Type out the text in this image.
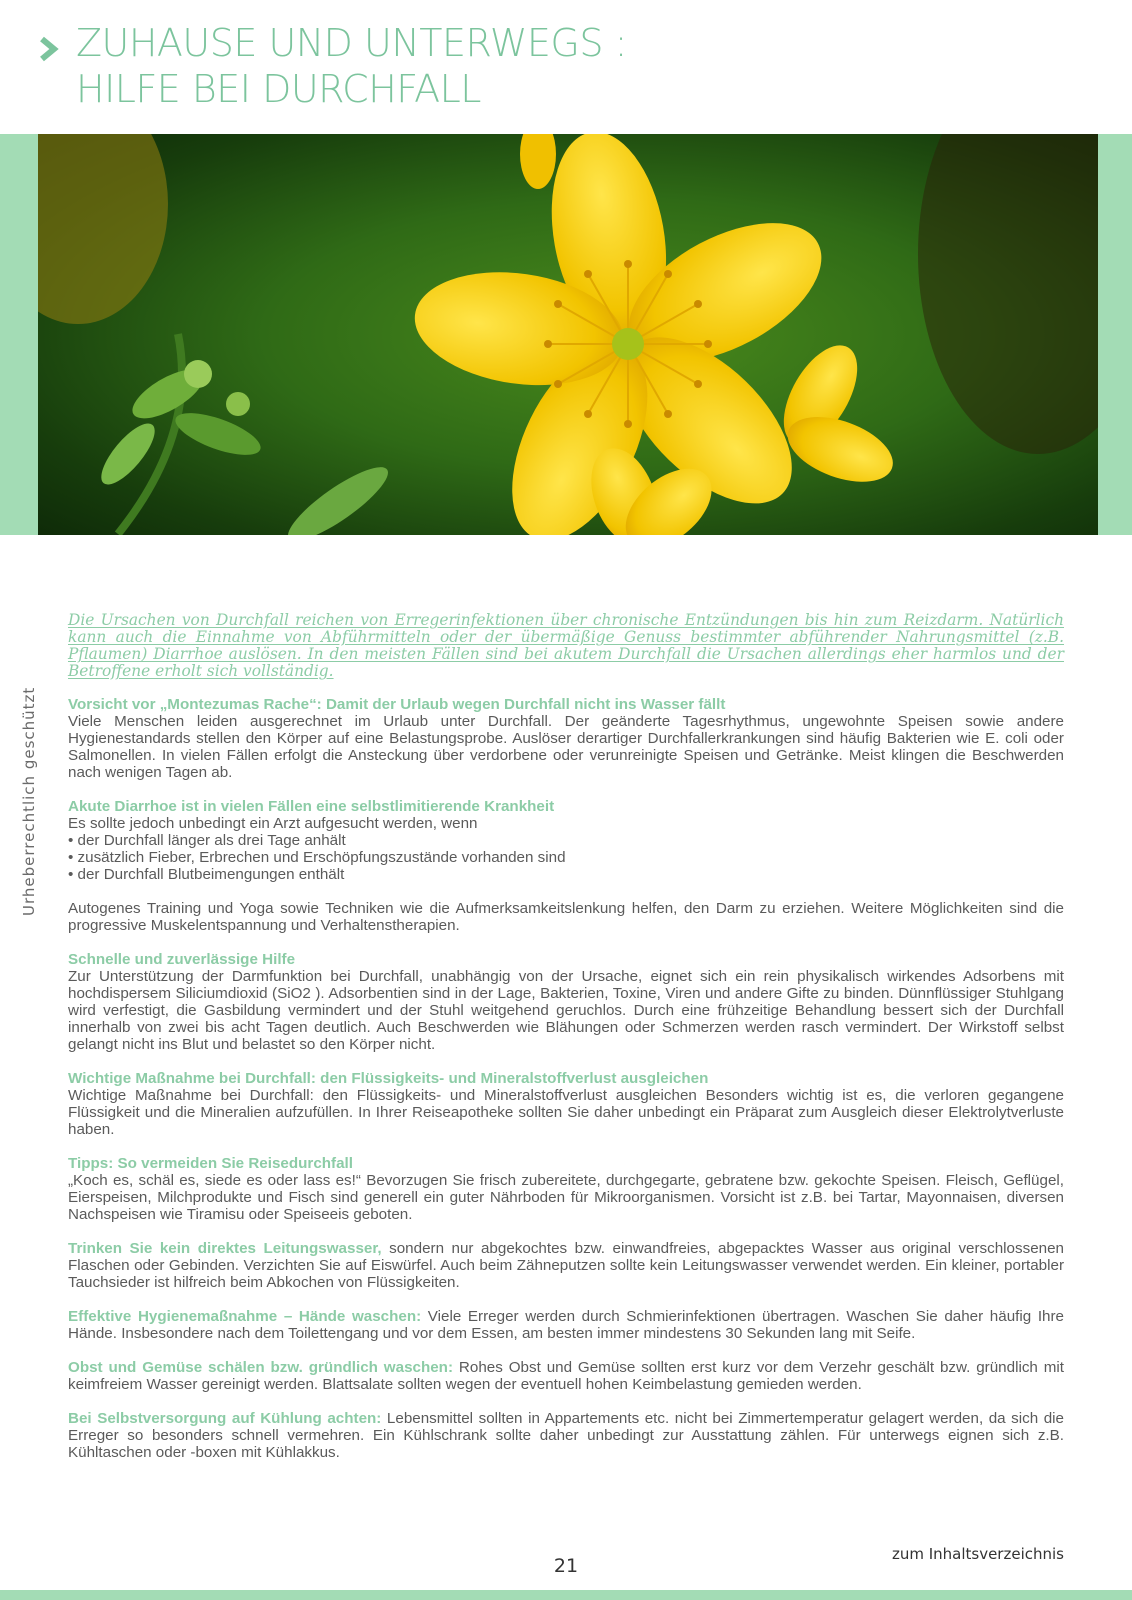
ZUHAUSE UND UNTERWEGS :
HILFE BEI DURCHFALL
Urheberrechtlich geschützt

Die Ursachen von Durchfall reichen von Erregerinfektionen über chronische Entzündungen bis hin zum Reizdarm. Natürlich kann auch die Einnahme von Abführmitteln oder der übermäßige Genuss bestimmter abführender Nahrungsmittel (z.B. Pflaumen) Diarrhoe auslösen. In den meisten Fällen sind bei akutem Durchfall die Ursachen allerdings eher harmlos und der Betroffene erholt sich vollständig.

Vorsicht vor „Montezumas Rache“: Damit der Urlaub wegen Durchfall nicht ins Wasser fällt

Viele Menschen leiden ausgerechnet im Urlaub unter Durchfall. Der geänderte Tagesrhythmus, ungewohnte Speisen sowie andere Hygienestandards stellen den Körper auf eine Belastungsprobe. Auslöser derartiger Durchfallerkrankungen sind häufig Bakterien wie E. coli oder Salmonellen. In vielen Fällen erfolgt die Ansteckung über verdorbene oder verunreinigte Speisen und Getränke. Meist klingen die Beschwerden nach wenigen Tagen ab.

Akute Diarrhoe ist in vielen Fällen eine selbstlimitierende Krankheit

Es sollte jedoch unbedingt ein Arzt aufgesucht werden, wenn

• der Durchfall länger als drei Tage anhält
• zusätzlich Fieber, Erbrechen und Erschöpfungszustände vorhanden sind
• der Durchfall Blutbeimengungen enthält

Autogenes Training und Yoga sowie Techniken wie die Aufmerksamkeitslenkung helfen, den Darm zu erziehen. Weitere Möglichkeiten sind die progressive Muskelentspannung und Verhaltenstherapien.

Schnelle und zuverlässige Hilfe

Zur Unterstützung der Darmfunktion bei Durchfall, unabhängig von der Ursache, eignet sich ein rein physikalisch wirkendes Adsorbens mit hochdispersem Siliciumdioxid (SiO2 ). Adsorbentien sind in der Lage, Bakterien, Toxine, Viren und andere Gifte zu binden. Dünnflüssiger Stuhlgang wird verfestigt, die Gasbildung vermindert und der Stuhl weitgehend geruchlos. Durch eine frühzeitige Behandlung bessert sich der Durchfall innerhalb von zwei bis acht Tagen deutlich. Auch Beschwerden wie Blähungen oder Schmerzen werden rasch vermindert. Der Wirkstoff selbst gelangt nicht ins Blut und belastet so den Körper nicht.

Wichtige Maßnahme bei Durchfall: den Flüssigkeits- und Mineralstoffverlust ausgleichen

Wichtige Maßnahme bei Durchfall: den Flüssigkeits- und Mineralstoffverlust ausgleichen Besonders wichtig ist es, die verloren gegangene Flüssigkeit und die Mineralien aufzufüllen. In Ihrer Reiseapotheke sollten Sie daher unbedingt ein Präparat zum Ausgleich dieser Elektrolytverluste haben.

Tipps: So vermeiden Sie Reisedurchfall

„Koch es, schäl es, siede es oder lass es!“ Bevorzugen Sie frisch zubereitete, durchgegarte, gebratene bzw. gekochte Speisen. Fleisch, Geflügel, Eierspeisen, Milchprodukte und Fisch sind generell ein guter Nährboden für Mikroorganismen. Vorsicht ist z.B. bei Tartar, Mayonnaisen, diversen Nachspeisen wie Tiramisu oder Speiseeis geboten.

Trinken Sie kein direktes Leitungswasser, sondern nur abgekochtes bzw. einwandfreies, abgepacktes Wasser aus original verschlossenen Flaschen oder Gebinden. Verzichten Sie auf Eiswürfel. Auch beim Zähneputzen sollte kein Leitungswasser verwendet werden. Ein kleiner, portabler Tauchsieder ist hilfreich beim Abkochen von Flüssigkeiten.

Effektive Hygienemaßnahme – Hände waschen: Viele Erreger werden durch Schmierinfektionen übertragen. Waschen Sie daher häufig Ihre Hände. Insbesondere nach dem Toilettengang und vor dem Essen, am besten immer mindestens 30 Sekunden lang mit Seife.

Obst und Gemüse schälen bzw. gründlich waschen: Rohes Obst und Gemüse sollten erst kurz vor dem Verzehr geschält bzw. gründlich mit keimfreiem Wasser gereinigt werden. Blattsalate sollten wegen der eventuell hohen Keimbelastung gemieden werden.

Bei Selbstversorgung auf Kühlung achten: Lebensmittel sollten in Appartements etc. nicht bei Zimmertemperatur gelagert werden, da sich die Erreger so besonders schnell vermehren. Ein Kühlschrank sollte daher unbedingt zur Ausstattung zählen. Für unterwegs eignen sich z.B. Kühltaschen oder -boxen mit Kühlakkus.

zum Inhaltsverzeichnis
21
